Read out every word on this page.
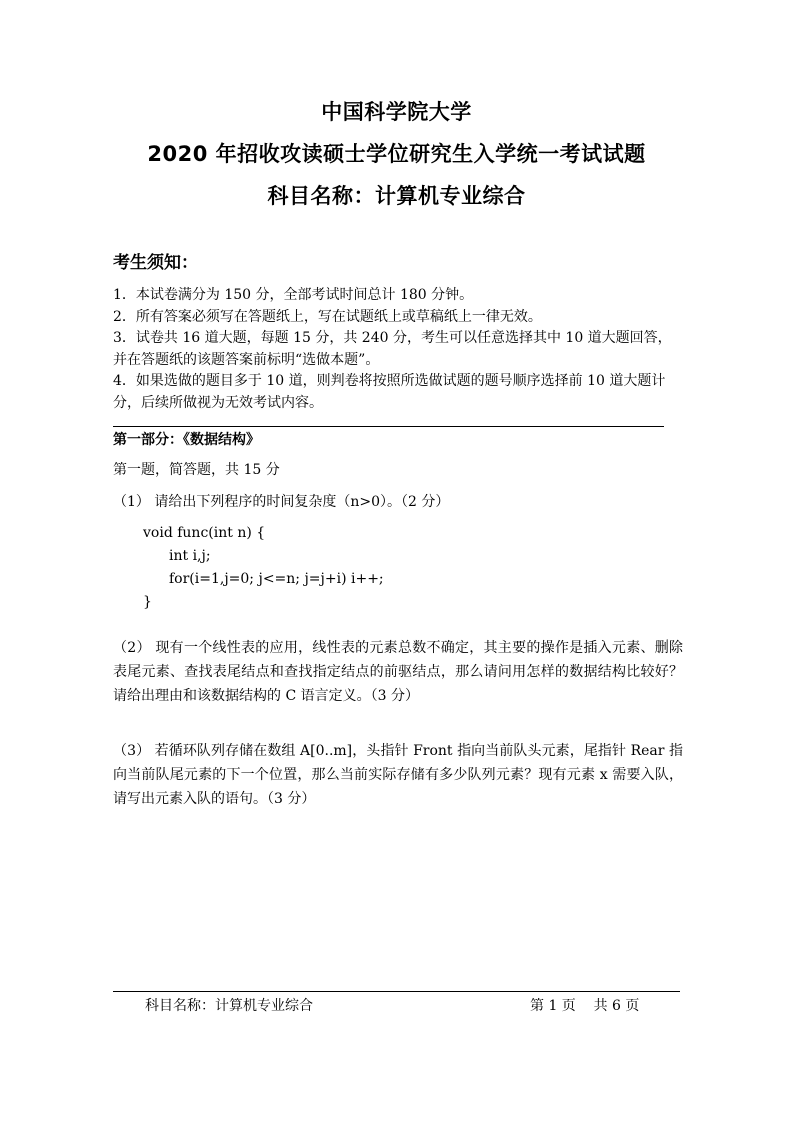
中国科学院大学
2020 年招收攻读硕士学位研究生入学统一考试试题
科目名称：计算机专业综合
考生须知：

1．本试卷满分为 150 分，全部考试时间总计 180 分钟。

2．所有答案必须写在答题纸上，写在试题纸上或草稿纸上一律无效。

3．试卷共 16 道大题，每题 15 分，共 240 分，考生可以任意选择其中 10 道大题回答，并在答题纸的该题答案前标明“选做本题”。

4．如果选做的题目多于 10 道，则判卷将按照所选做试题的题号顺序选择前 10 道大题计分，后续所做视为无效考试内容。

第一部分：《数据结构》
第一题，简答题，共 15 分
（1） 请给出下列程序的时间复杂度（n>0）。（2 分）
void func(int n) {
int i,j;
for(i=1,j=0; j<=n; j=j+i) i++;
}
（2） 现有一个线性表的应用，线性表的元素总数不确定，其主要的操作是插入元素、删除表尾元素、查找表尾结点和查找指定结点的前驱结点，那么请问用怎样的数据结构比较好？请给出理由和该数据结构的 C 语言定义。（3 分）
（3） 若循环队列存储在数组 A[0..m]，头指针 Front 指向当前队头元素，尾指针 Rear 指向当前队尾元素的下一个位置，那么当前实际存储有多少队列元素？现有元素 x 需要入队，请写出元素入队的语句。（3 分）
科目名称：计算机专业综合	第 1 页    共 6 页
